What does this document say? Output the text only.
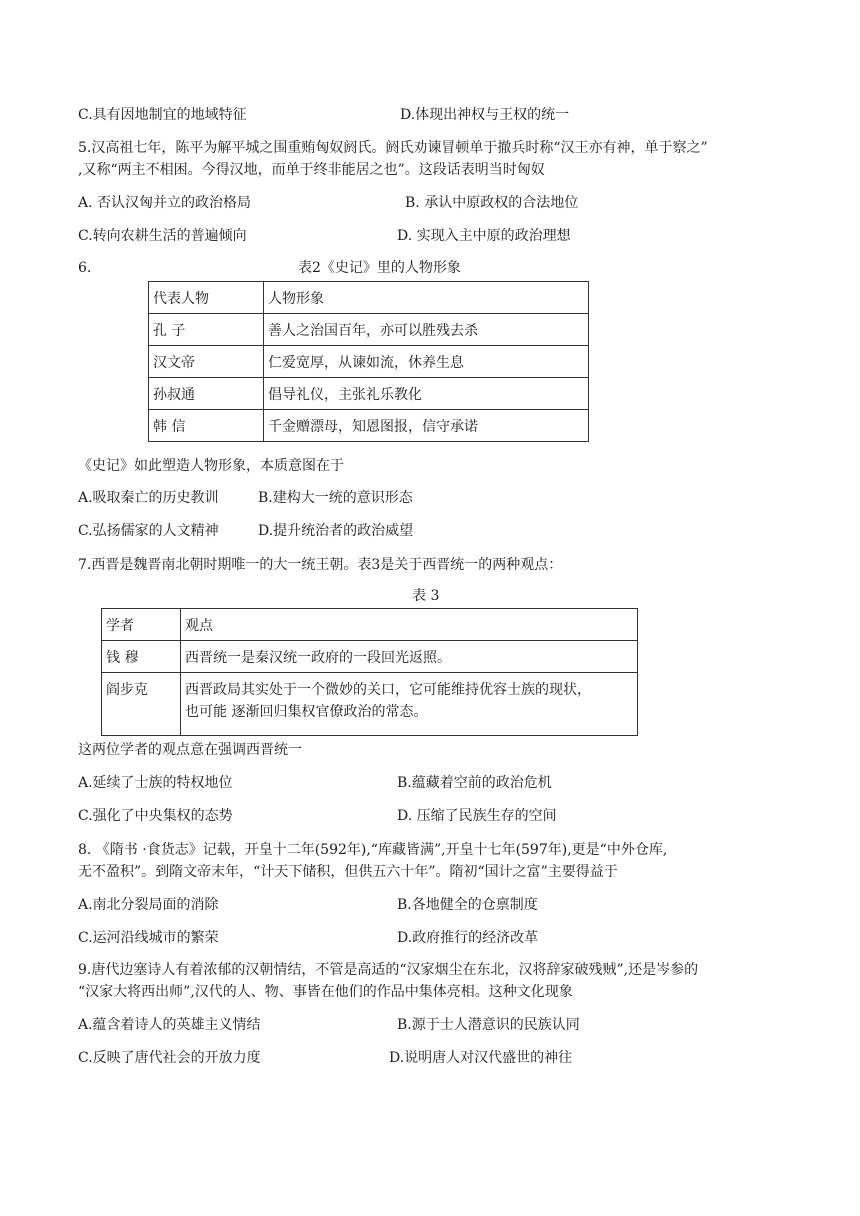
C.具有因地制宜的地域特征	D.体现出神权与王权的统一
5.汉高祖七年，陈平为解平城之围重贿匈奴阏氏。阏氏劝谏冒顿单于撤兵时称“汉王亦有神，单于察之”
,又称“两主不相困。今得汉地，而单于终非能居之也”。这段话表明当时匈奴
A. 否认汉匈并立的政治格局	B. 承认中原政权的合法地位
C.转向农耕生活的普遍倾向	D. 实现入主中原的政治理想
6.	表2《史记》里的人物形象
代表人物	人物形象
孔 子	善人之治国百年，亦可以胜残去杀
汉文帝	仁爱宽厚，从谏如流，休养生息
孙叔通	倡导礼仪，主张礼乐教化
韩 信	千金赠漂母，知恩图报，信守承诺
《史记》如此塑造人物形象，本质意图在于
A.吸取秦亡的历史教训	B.建构大一统的意识形态
C.弘扬儒家的人文精神	D.提升统治者的政治威望
7.西晋是魏晋南北朝时期唯一的大一统王朝。表3是关于西晋统一的两种观点：
表 3
学者	观点
钱 穆	西晋统一是秦汉统一政府的一段回光返照。
阎步克	西晋政局其实处于一个微妙的关口，它可能维持优容士族的现状，
也可能 逐渐回归集权官僚政治的常态。
这两位学者的观点意在强调西晋统一
A.延续了士族的特权地位	B.蕴藏着空前的政治危机
C.强化了中央集权的态势	D. 压缩了民族生存的空间
8. 《隋书 ·食货志》记载，开皇十二年(592年),“库藏皆满”,开皇十七年(597年),更是“中外仓库,
无不盈积”。到隋文帝末年，“计天下储积，但供五六十年”。隋初“国计之富”主要得益于
A.南北分裂局面的消除	B.各地健全的仓禀制度
C.运河沿线城市的繁荣	D.政府推行的经济改革
9.唐代边塞诗人有着浓郁的汉朝情结，不管是高适的“汉家烟尘在东北，汉将辞家破残贼”,还是岑参的
“汉家大将西出师”,汉代的人、物、事皆在他们的作品中集体亮相。这种文化现象
A.蕴含着诗人的英雄主义情结	B.源于士人潜意识的民族认同
C.反映了唐代社会的开放力度	D.说明唐人对汉代盛世的神往
